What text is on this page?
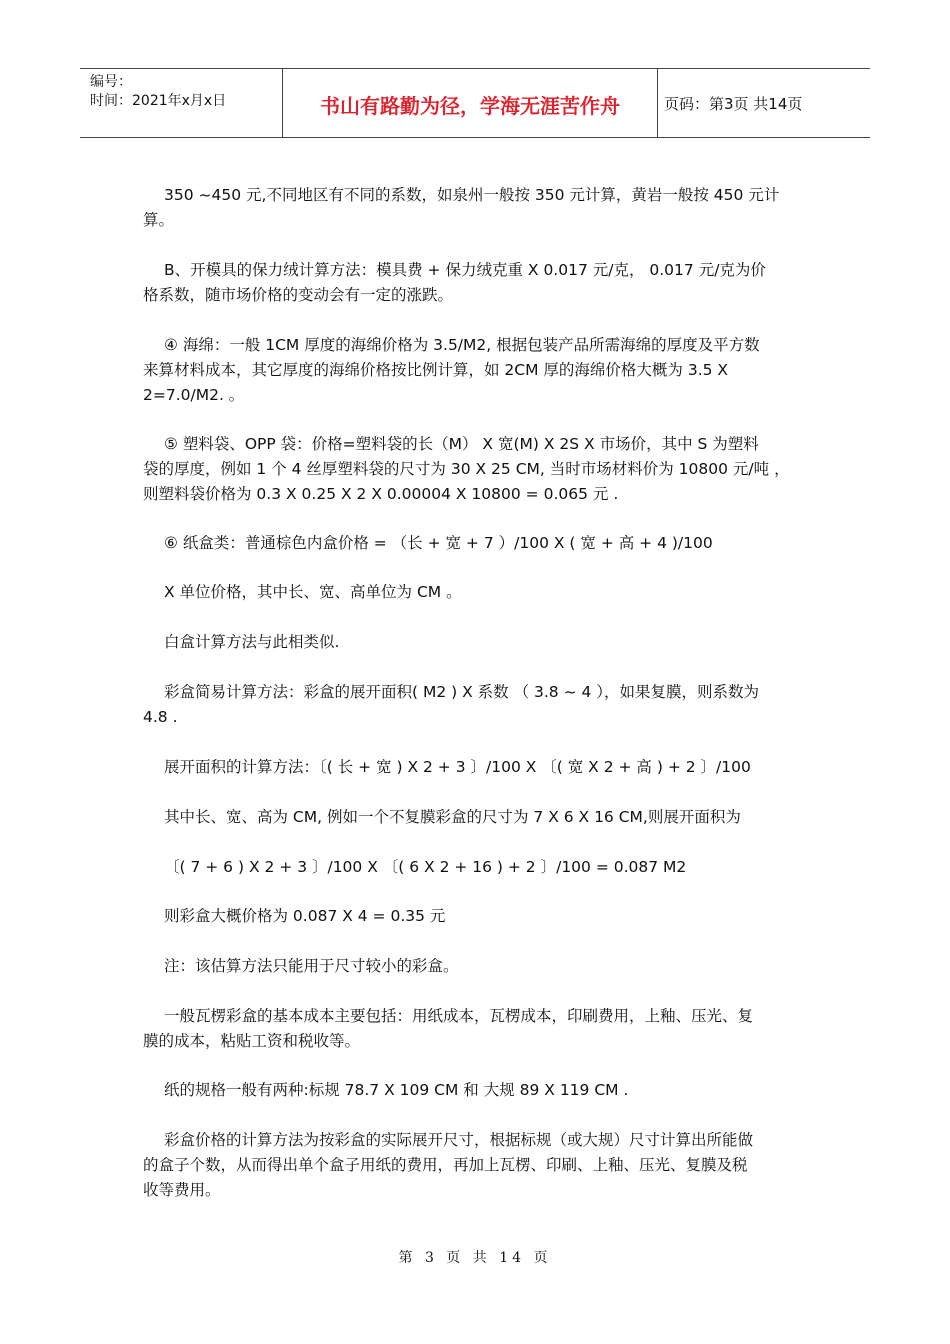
编号：
时间：2021年x月x日	书山有路勤为径，学海无涯苦作舟	页码：第3页 共14页
350 ~450 元,不同地区有不同的系数，如泉州一般按 350 元计算，黄岩一般按 450 元计
算。
B、开模具的保力绒计算方法：模具费 + 保力绒克重 X 0.017 元/克， 0.017 元/克为价
格系数，随市场价格的变动会有一定的涨跌。
④ 海绵：一般 1CM 厚度的海绵价格为 3.5/M2, 根据包装产品所需海绵的厚度及平方数
来算材料成本，其它厚度的海绵价格按比例计算，如 2CM 厚的海绵价格大概为 3.5 X
2=7.0/M2. 。
⑤ 塑料袋、OPP 袋：价格=塑料袋的长（M） X 宽(M) X 2S X 市场价，其中 S 为塑料
袋的厚度，例如 1 个 4 丝厚塑料袋的尺寸为 30 X 25 CM, 当时市场材料价为 10800 元/吨 ，
则塑料袋价格为 0.3 X 0.25 X 2 X 0.00004 X 10800 = 0.065 元 .
⑥ 纸盒类：普通棕色内盒价格 = （长 + 宽 + 7 ）/100 X ( 宽 + 高 + 4 )/100
X 单位价格，其中长、宽、高单位为 CM 。
白盒计算方法与此相类似.
彩盒简易计算方法：彩盒的展开面积( M2 ) X 系数 （ 3.8 ~ 4 ），如果复膜，则系数为
4.8 .
展开面积的计算方法：〔( 长 + 宽 ) X 2 + 3 〕/100 X 〔( 宽 X 2 + 高 ) + 2 〕/100
其中长、宽、高为 CM, 例如一个不复膜彩盒的尺寸为 7 X 6 X 16 CM,则展开面积为
〔( 7 + 6 ) X 2 + 3 〕/100 X 〔( 6 X 2 + 16 ) + 2 〕/100 = 0.087 M2
则彩盒大概价格为 0.087 X 4 = 0.35 元
注：该估算方法只能用于尺寸较小的彩盒。
一般瓦楞彩盒的基本成本主要包括：用纸成本，瓦楞成本，印刷费用，上釉、压光、复
膜的成本，粘贴工资和税收等。
纸的规格一般有两种:标规 78.7 X 109 CM 和 大规 89 X 119 CM .
彩盒价格的计算方法为按彩盒的实际展开尺寸，根据标规（或大规）尺寸计算出所能做
的盒子个数，从而得出单个盒子用纸的费用，再加上瓦楞、印刷、上釉、压光、复膜及税
收等费用。
第 3 页 共 14 页
